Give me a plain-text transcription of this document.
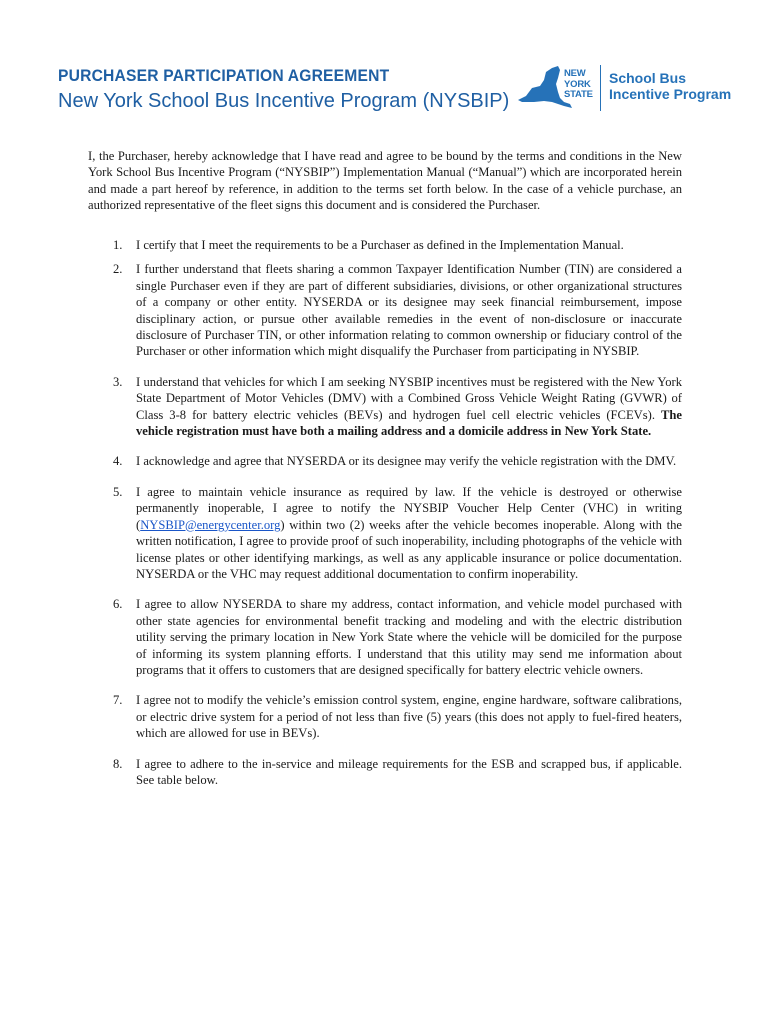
PURCHASER PARTICIPATION AGREEMENT
New York School Bus Incentive Program (NYSBIP)
NEW
YORK
STATE
School Bus
Incentive Program
I, the Purchaser, hereby acknowledge that I have read and agree to be bound by the terms and conditions in the New York School Bus Incentive Program (“NYSBIP”) Implementation Manual (“Manual”) which are incorporated herein and made a part hereof by reference, in addition to the terms set forth below. In the case of a vehicle purchase, an authorized representative of the fleet signs this document and is considered the Purchaser.
1. I certify that I meet the requirements to be a Purchaser as defined in the Implementation Manual.
2. I further understand that fleets sharing a common Taxpayer Identification Number (TIN) are considered a single Purchaser even if they are part of different subsidiaries, divisions, or other organizational structures of a company or other entity. NYSERDA or its designee may seek financial reimbursement, impose disciplinary action, or pursue other available remedies in the event of non-disclosure or inaccurate disclosure of Purchaser TIN, or other information relating to common ownership or fiduciary control of the Purchaser or other information which might disqualify the Purchaser from participating in NYSBIP.
3. I understand that vehicles for which I am seeking NYSBIP incentives must be registered with the New York State Department of Motor Vehicles (DMV) with a Combined Gross Vehicle Weight Rating (GVWR) of Class 3-8 for battery electric vehicles (BEVs) and hydrogen fuel cell electric vehicles (FCEVs). The vehicle registration must have both a mailing address and a domicile address in New York State.
4. I acknowledge and agree that NYSERDA or its designee may verify the vehicle registration with the DMV.
5. I agree to maintain vehicle insurance as required by law. If the vehicle is destroyed or otherwise permanently inoperable, I agree to notify the NYSBIP Voucher Help Center (VHC) in writing (NYSBIP@energycenter.org) within two (2) weeks after the vehicle becomes inoperable. Along with the written notification, I agree to provide proof of such inoperability, including photographs of the vehicle with license plates or other identifying markings, as well as any applicable insurance or police documentation. NYSERDA or the VHC may request additional documentation to confirm inoperability.
6. I agree to allow NYSERDA to share my address, contact information, and vehicle model purchased with other state agencies for environmental benefit tracking and modeling and with the electric distribution utility serving the primary location in New York State where the vehicle will be domiciled for the purpose of informing its system planning efforts. I understand that this utility may send me information about programs that it offers to customers that are designed specifically for battery electric vehicle owners.
7. I agree not to modify the vehicle’s emission control system, engine, engine hardware, software calibrations, or electric drive system for a period of not less than five (5) years (this does not apply to fuel-fired heaters, which are allowed for use in BEVs).
8. I agree to adhere to the in-service and mileage requirements for the ESB and scrapped bus, if applicable. See table below.
